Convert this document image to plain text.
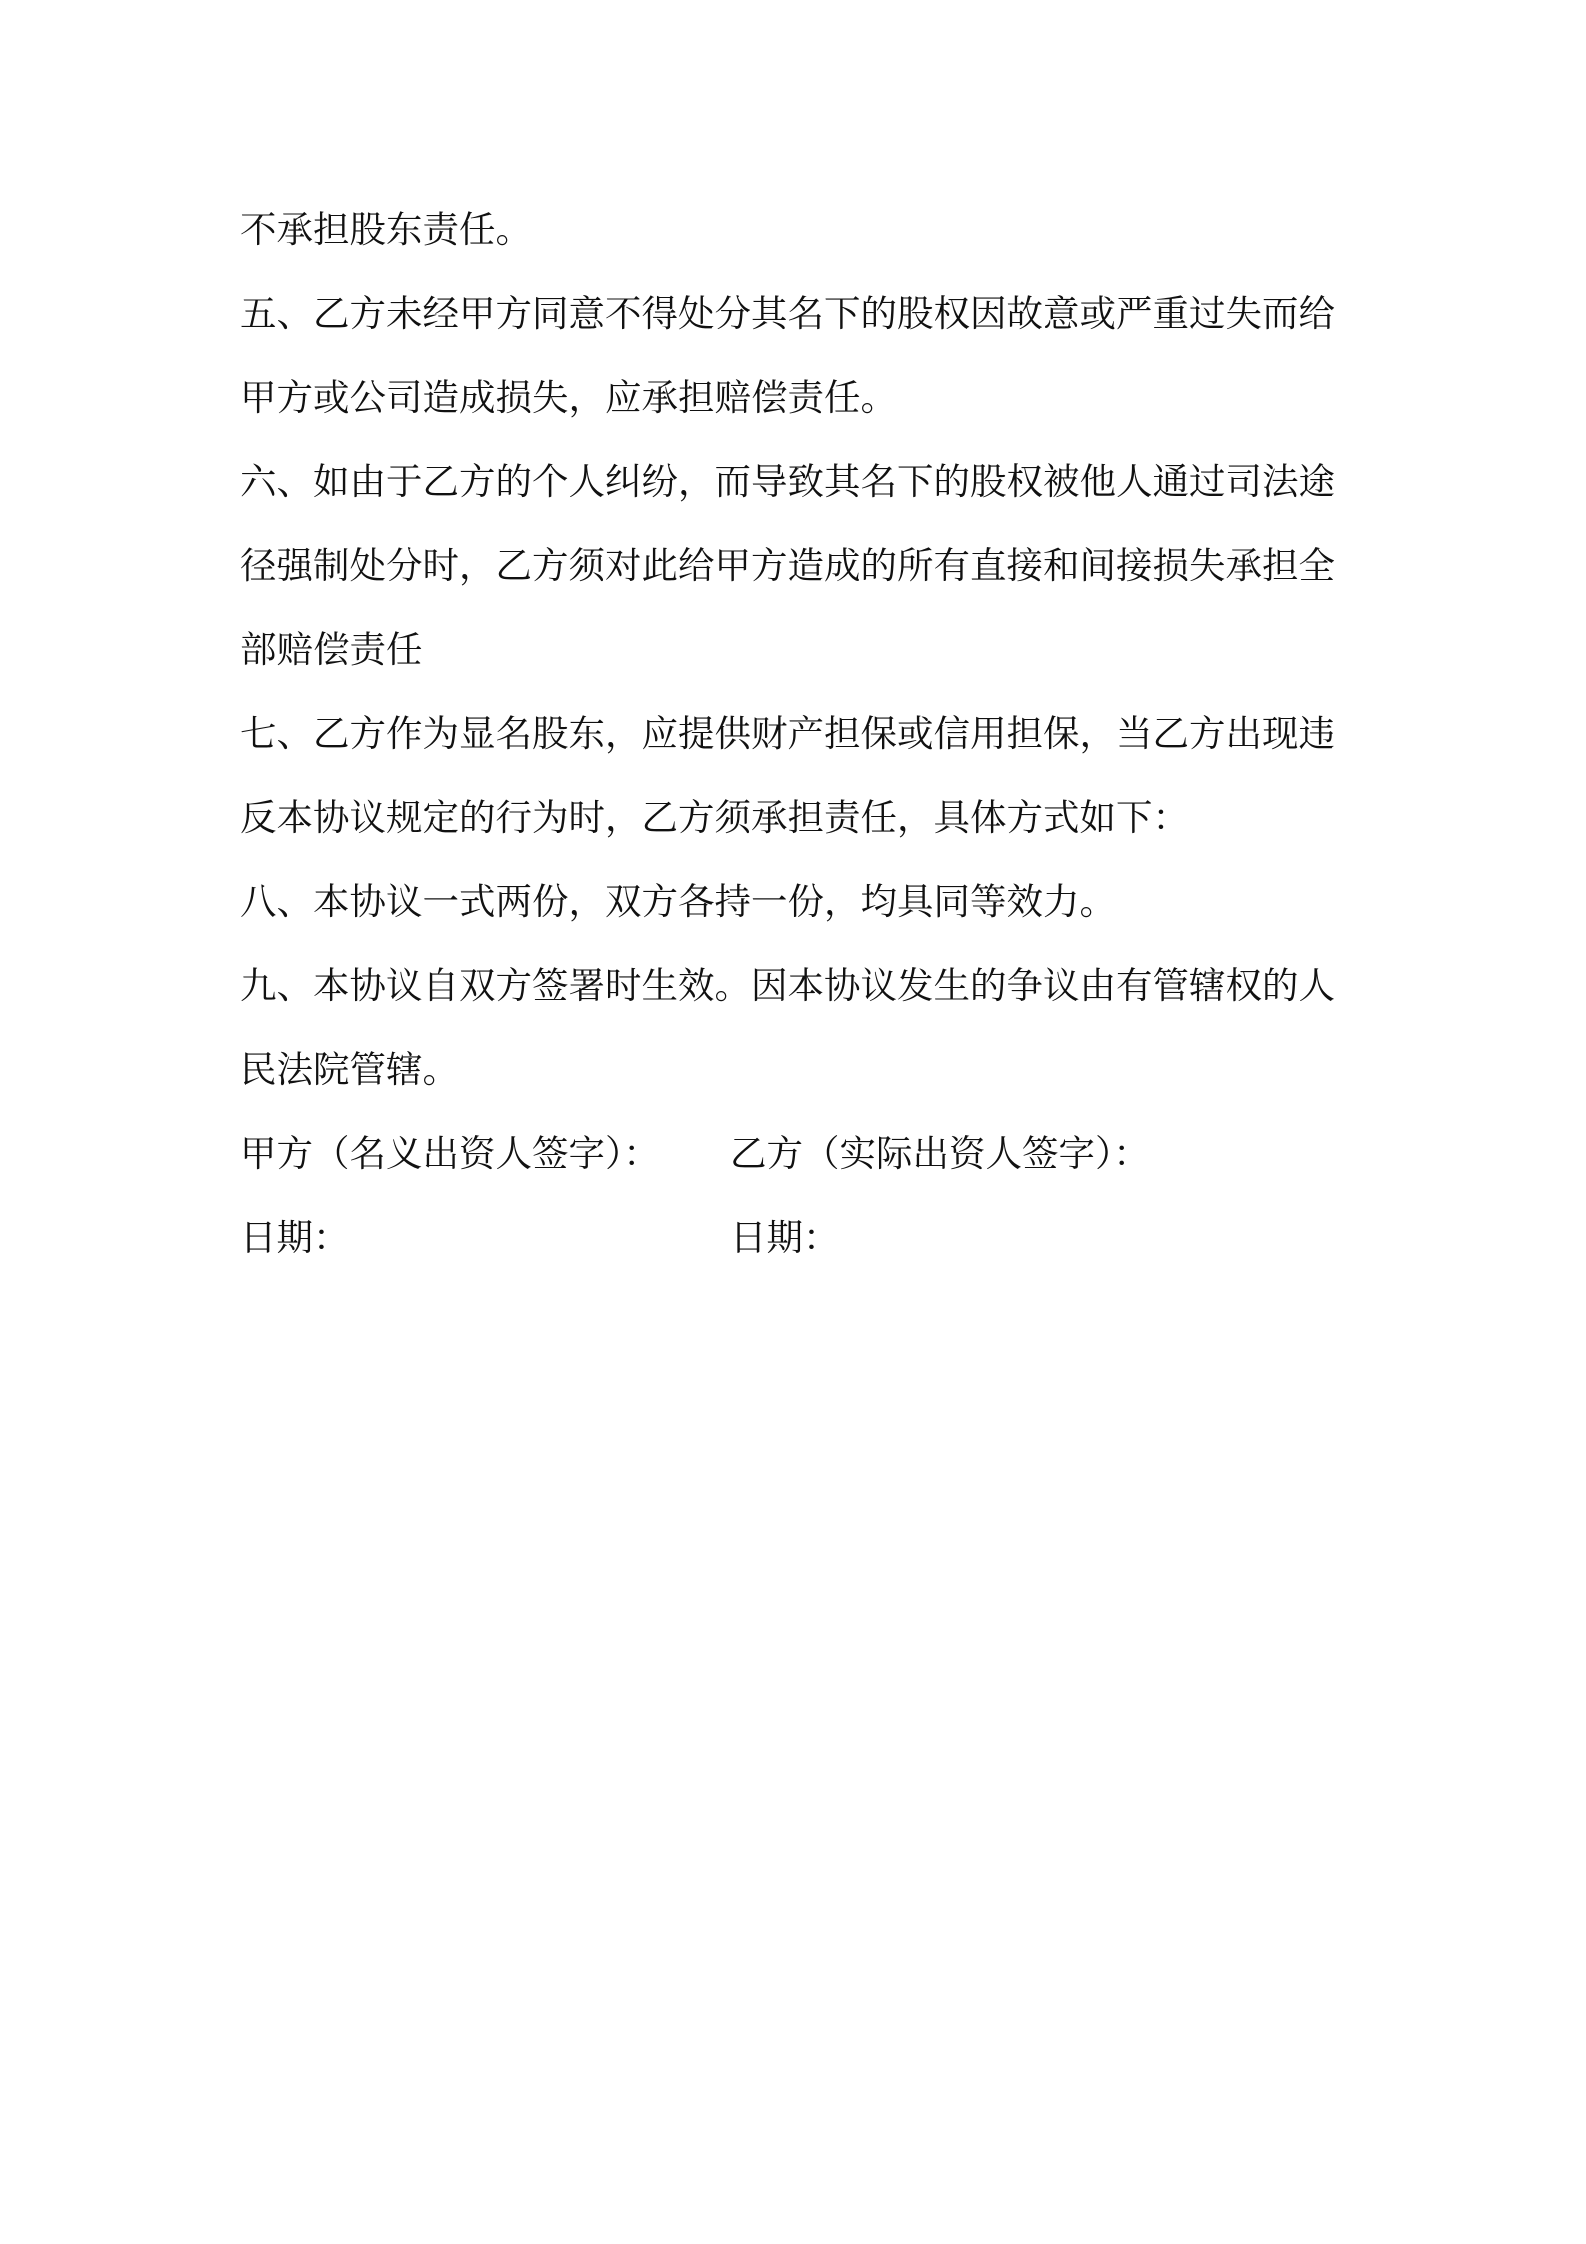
不承担股东责任。

五、乙方未经甲方同意不得处分其名下的股权因故意或严重过失而给甲方或公司造成损失，应承担赔偿责任。

六、如由于乙方的个人纠纷，而导致其名下的股权被他人通过司法途径强制处分时，乙方须对此给甲方造成的所有直接和间接损失承担全部赔偿责任

七、乙方作为显名股东，应提供财产担保或信用担保，当乙方出现违反本协议规定的行为时，乙方须承担责任，具体方式如下：

八、本协议一式两份，双方各持一份，均具同等效力。

九、本协议自双方签署时生效。因本协议发生的争议由有管辖权的人民法院管辖。

甲方（名义出资人签字）： 乙方（实际出资人签字）：
日期：	日期：
